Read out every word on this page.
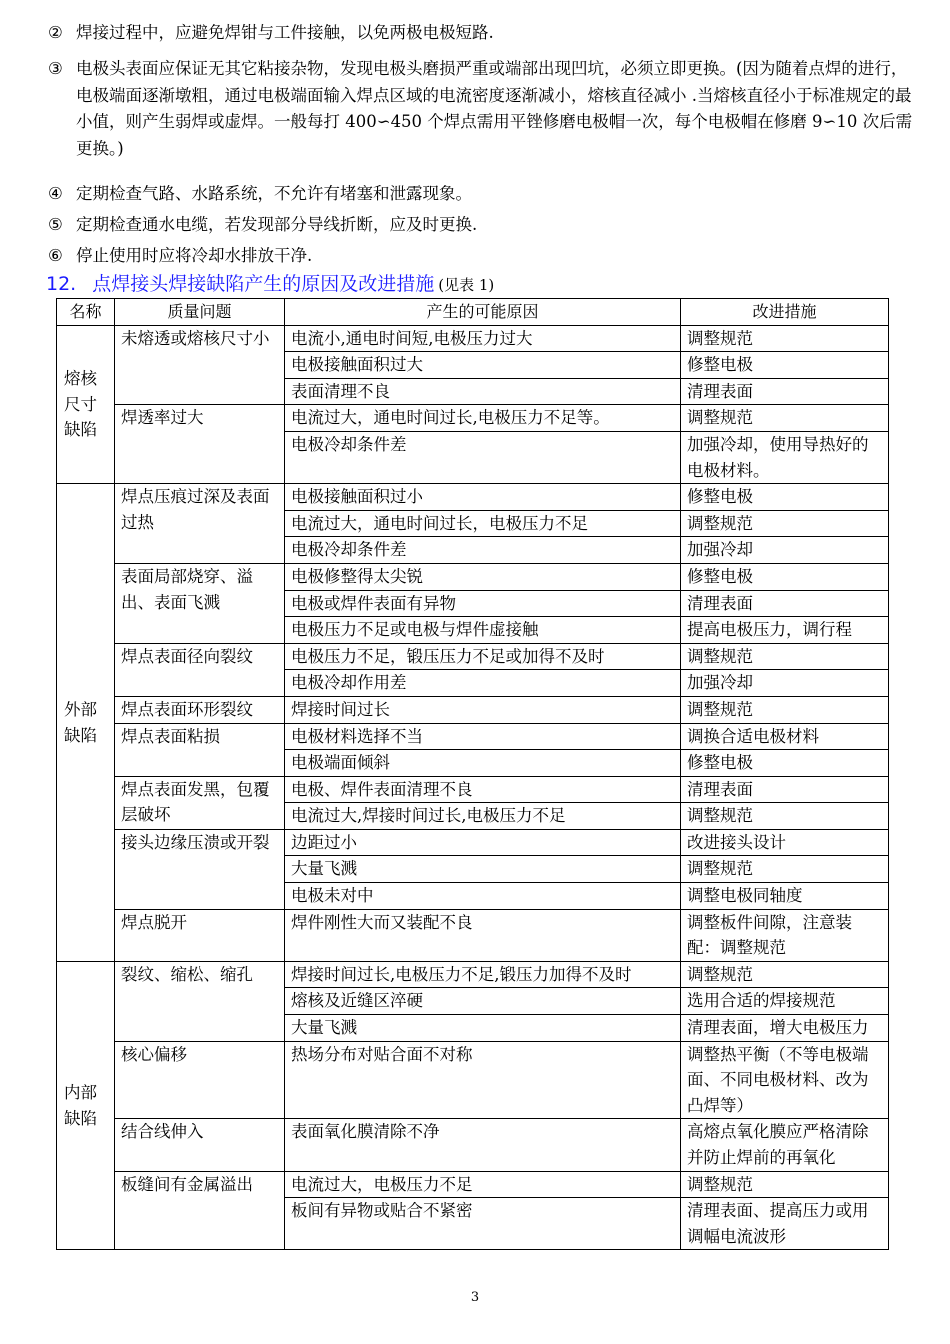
② 焊接过程中，应避免焊钳与工件接触，以免两极电极短路.
③ 电极头表面应保证无其它粘接杂物，发现电极头磨损严重或端部出现凹坑，必须立即更换。(因为随着点焊的进行，电极端面逐渐墩粗，通过电极端面输入焊点区域的电流密度逐渐减小，熔核直径减小 .当熔核直径小于标准规定的最小值，则产生弱焊或虚焊。一般每打 400∽450 个焊点需用平锉修磨电极帽一次，每个电极帽在修磨 9∽10 次后需更换。)
④ 定期检查气路、水路系统，不允许有堵塞和泄露现象。
⑤ 定期检查通水电缆，若发现部分导线折断，应及时更换.
⑥ 停止使用时应将冷却水排放干净.
12. 点焊接头焊接缺陷产生的原因及改进措施 (见表 1)
名称	质量问题	产生的可能原因	改进措施
熔核尺寸缺陷	未熔透或熔核尺寸小	电流小,通电时间短,电极压力过大	调整规范
		电极接触面积过大	修整电极
		表面清理不良	清理表面
	焊透率过大	电流过大，通电时间过长,电极压力不足等。	调整规范
		电极冷却条件差	加强冷却，使用导热好的电极材料。
外部缺陷	焊点压痕过深及表面过热	电极接触面积过小	修整电极
		电流过大，通电时间过长，电极压力不足	调整规范
		电极冷却条件差	加强冷却
	表面局部烧穿、溢出、表面飞溅	电极修整得太尖锐	修整电极
		电极或焊件表面有异物	清理表面
		电极压力不足或电极与焊件虚接触	提高电极压力，调行程
	焊点表面径向裂纹	电极压力不足，锻压压力不足或加得不及时	调整规范
		电极冷却作用差	加强冷却
	焊点表面环形裂纹	焊接时间过长	调整规范
	焊点表面粘损	电极材料选择不当	调换合适电极材料
		电极端面倾斜	修整电极
	焊点表面发黑，包覆层破坏	电极、焊件表面清理不良	清理表面
		电流过大,焊接时间过长,电极压力不足	调整规范
	接头边缘压溃或开裂	边距过小	改进接头设计
		大量飞溅	调整规范
		电极未对中	调整电极同轴度
	焊点脱开	焊件刚性大而又装配不良	调整板件间隙，注意装配：调整规范
内部缺陷	裂纹、缩松、缩孔	焊接时间过长,电极压力不足,锻压力加得不及时	调整规范
		熔核及近缝区淬硬	选用合适的焊接规范
		大量飞溅	清理表面，增大电极压力
	核心偏移	热场分布对贴合面不对称	调整热平衡（不等电极端面、不同电极材料、改为凸焊等）
	结合线伸入	表面氧化膜清除不净	高熔点氧化膜应严格清除并防止焊前的再氧化
	板缝间有金属溢出	电流过大，电极压力不足	调整规范
		板间有异物或贴合不紧密	清理表面、提高压力或用调幅电流波形
3
